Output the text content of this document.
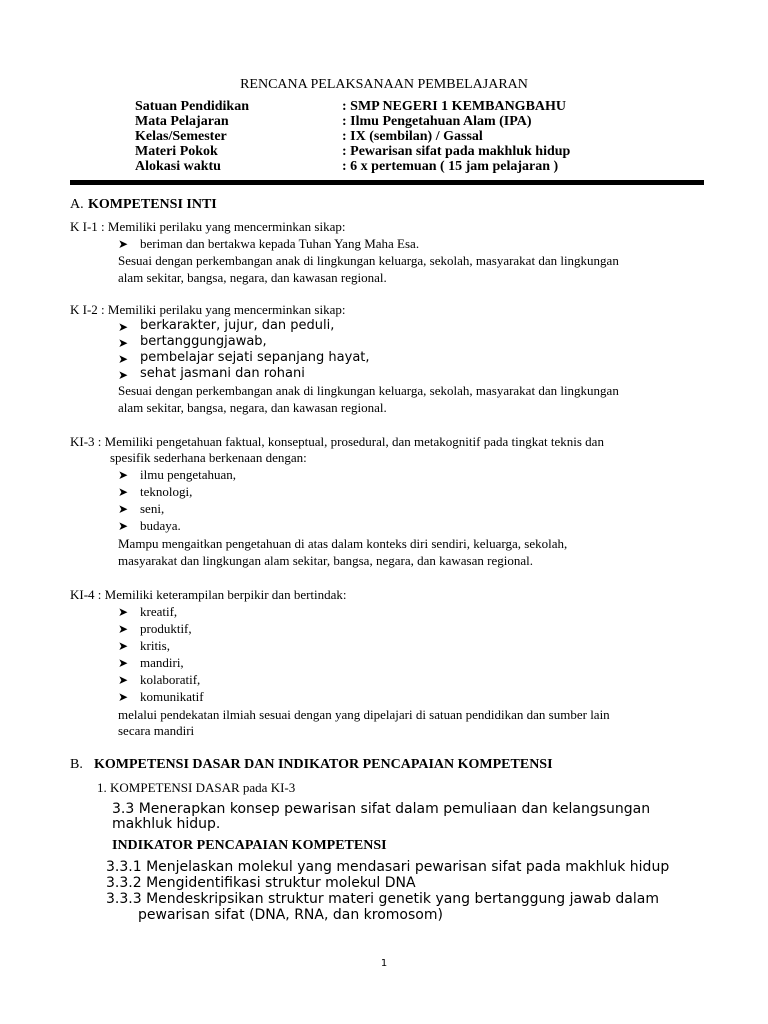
RENCANA PELAKSANAAN PEMBELAJARAN
Satuan Pendidikan	: SMP NEGERI 1 KEMBANGBAHU
Mata Pelajaran	: Ilmu Pengetahuan Alam (IPA)
Kelas/Semester	: IX (sembilan) / Gassal
Materi Pokok	: Pewarisan sifat pada makhluk hidup
Alokasi waktu	: 6 x pertemuan ( 15 jam pelajaran )
A. KOMPETENSI INTI
K I-1 : Memiliki perilaku yang mencerminkan sikap:
➤ beriman dan bertakwa kepada Tuhan Yang Maha Esa.
Sesuai dengan perkembangan anak di lingkungan keluarga, sekolah, masyarakat dan lingkungan
alam sekitar, bangsa, negara, dan kawasan regional.
K I-2 : Memiliki perilaku yang mencerminkan sikap:
➤ berkarakter, jujur, dan peduli,
➤ bertanggungjawab,
➤ pembelajar sejati sepanjang hayat,
➤ sehat jasmani dan rohani
Sesuai dengan perkembangan anak di lingkungan keluarga, sekolah, masyarakat dan lingkungan
alam sekitar, bangsa, negara, dan kawasan regional.
KI-3 : Memiliki pengetahuan faktual, konseptual, prosedural, dan metakognitif pada tingkat teknis dan
spesifik sederhana berkenaan dengan:
➤ ilmu pengetahuan,
➤ teknologi,
➤ seni,
➤ budaya.
Mampu mengaitkan pengetahuan di atas dalam konteks diri sendiri, keluarga, sekolah,
masyarakat dan lingkungan alam sekitar, bangsa, negara, dan kawasan regional.
KI-4 : Memiliki keterampilan berpikir dan bertindak:
➤ kreatif,
➤ produktif,
➤ kritis,
➤ mandiri,
➤ kolaboratif,
➤ komunikatif
melalui pendekatan ilmiah sesuai dengan yang dipelajari di satuan pendidikan dan sumber lain
secara mandiri
B. KOMPETENSI DASAR DAN INDIKATOR PENCAPAIAN KOMPETENSI
1. KOMPETENSI DASAR pada KI-3
3.3 Menerapkan konsep pewarisan sifat dalam pemuliaan dan kelangsungan
makhluk hidup.
INDIKATOR PENCAPAIAN KOMPETENSI
3.3.1 Menjelaskan molekul yang mendasari pewarisan sifat pada makhluk hidup
3.3.2 Mengidentifikasi struktur molekul DNA
3.3.3 Mendeskripsikan struktur materi genetik yang bertanggung jawab dalam
pewarisan sifat (DNA, RNA, dan kromosom)
1
